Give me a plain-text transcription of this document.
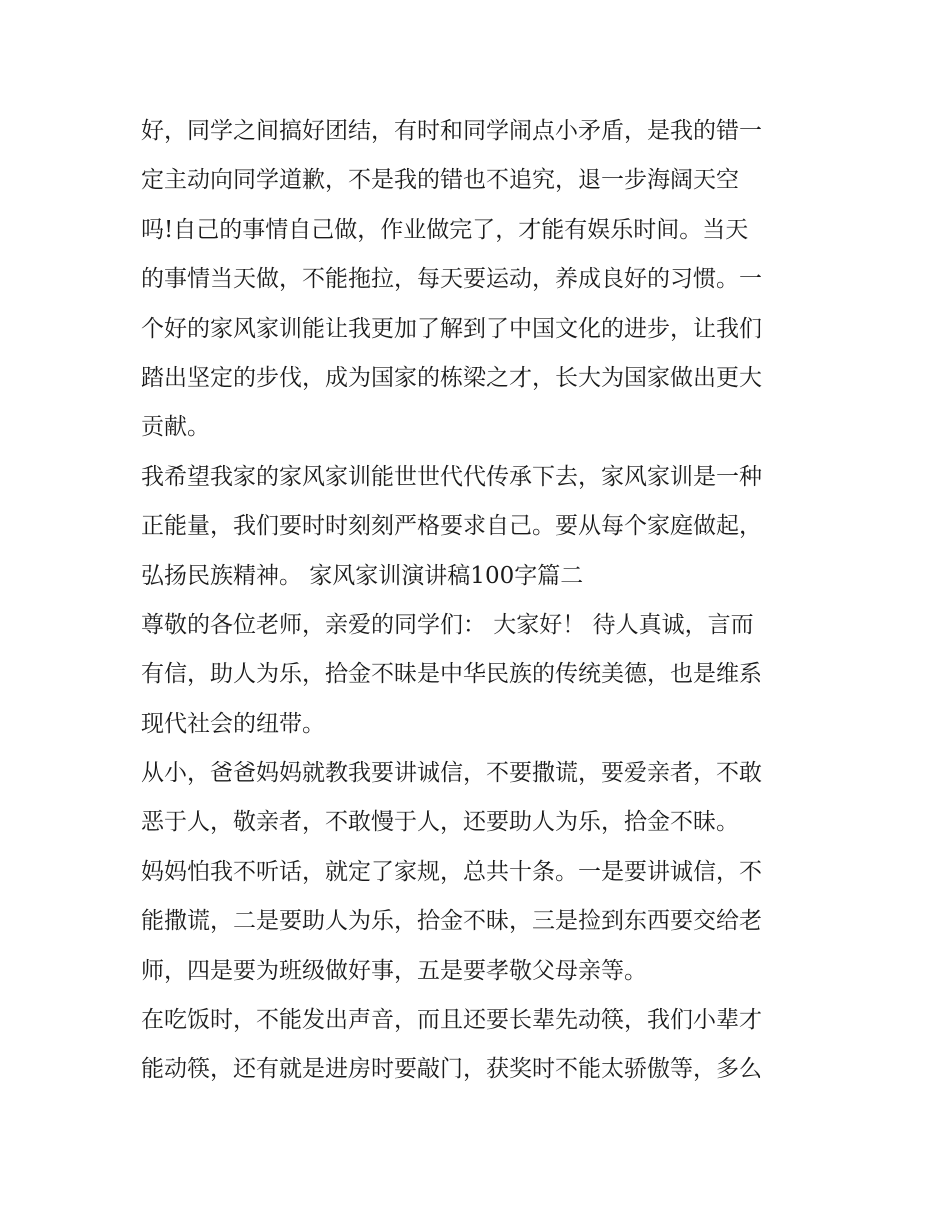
好，同学之间搞好团结，有时和同学闹点小矛盾，是我的错一
定主动向同学道歉，不是我的错也不追究，退一步海阔天空
吗!自己的事情自己做，作业做完了，才能有娱乐时间。当天
的事情当天做，不能拖拉，每天要运动，养成良好的习惯。一
个好的家风家训能让我更加了解到了中国文化的进步，让我们
踏出坚定的步伐，成为国家的栋梁之才，长大为国家做出更大
贡献。
我希望我家的家风家训能世世代代传承下去，家风家训是一种
正能量，我们要时时刻刻严格要求自己。要从每个家庭做起，
弘扬民族精神。 家风家训演讲稿100字篇二
尊敬的各位老师，亲爱的同学们： 大家好！ 待人真诚，言而
有信，助人为乐，拾金不昧是中华民族的传统美德，也是维系
现代社会的纽带。
从小，爸爸妈妈就教我要讲诚信，不要撒谎，要爱亲者，不敢
恶于人，敬亲者，不敢慢于人，还要助人为乐，拾金不昧。
妈妈怕我不听话，就定了家规，总共十条。一是要讲诚信，不
能撒谎，二是要助人为乐，拾金不昧，三是捡到东西要交给老
师，四是要为班级做好事，五是要孝敬父母亲等。
在吃饭时，不能发出声音，而且还要长辈先动筷，我们小辈才
能动筷，还有就是进房时要敲门，获奖时不能太骄傲等，多么
